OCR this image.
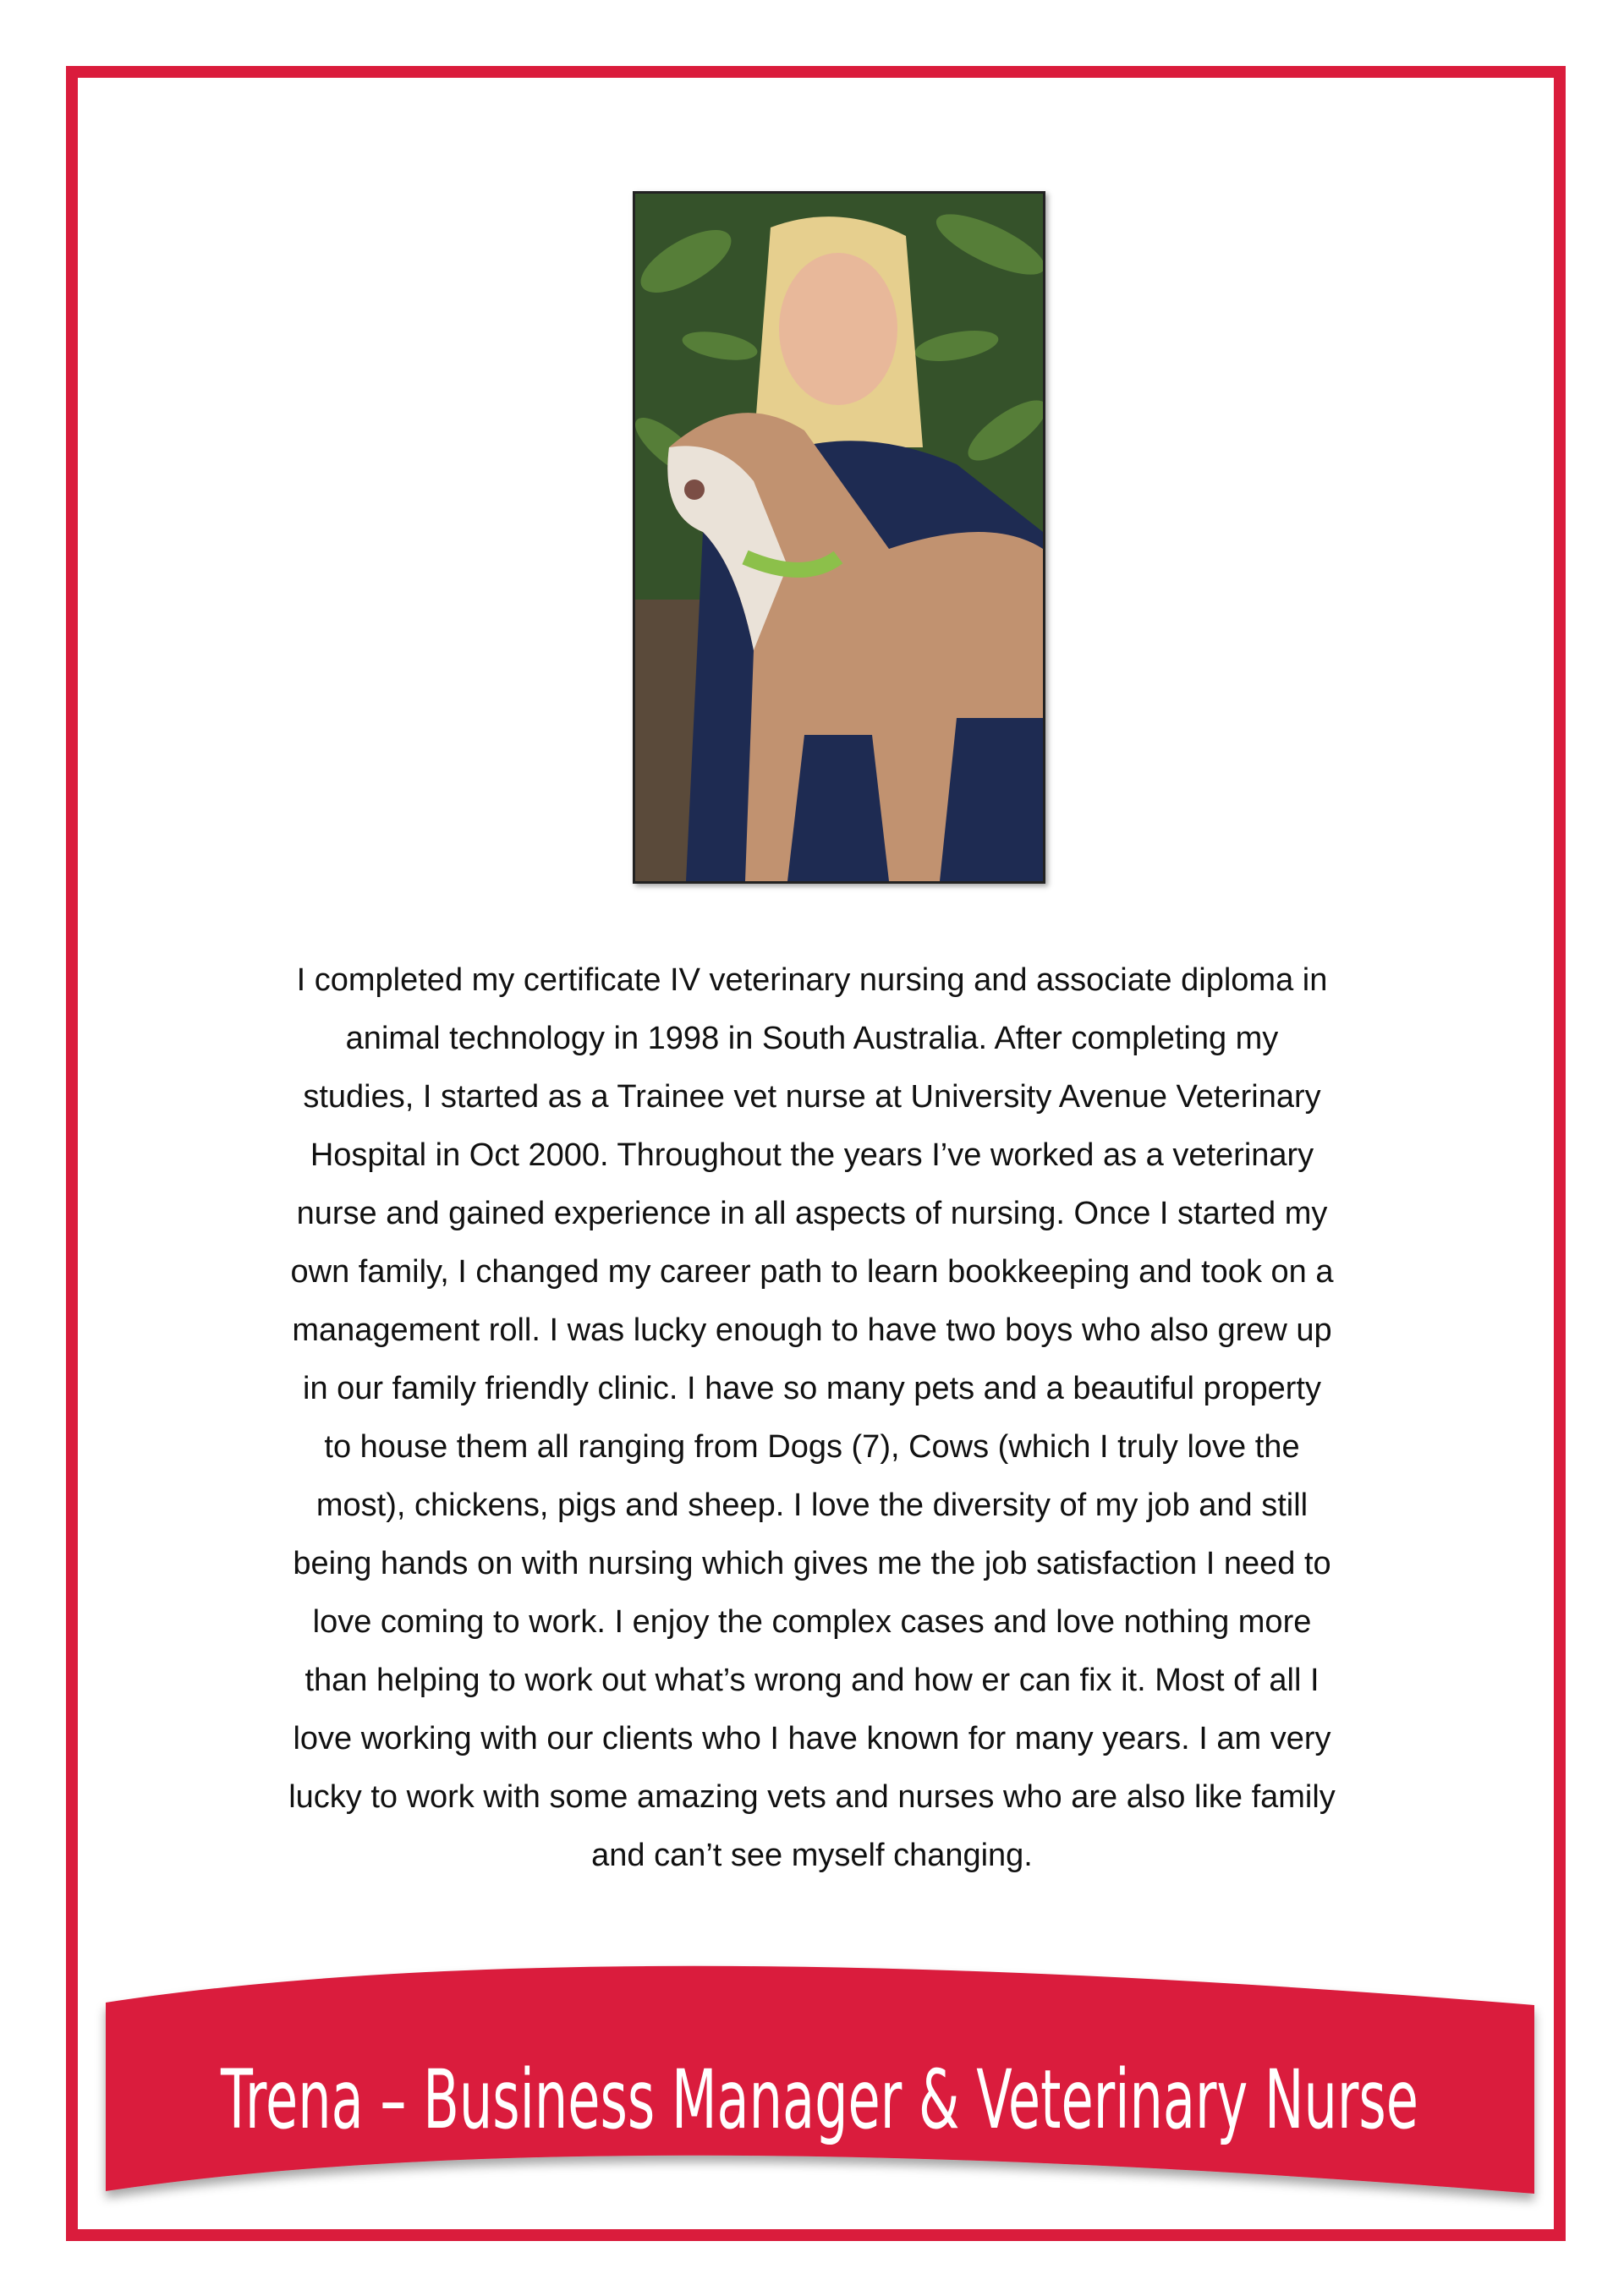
I completed my certificate IV veterinary nursing and associate diploma in
animal technology in 1998 in South Australia. After completing my
studies, I started as a Trainee vet nurse at University Avenue Veterinary
Hospital in Oct 2000. Throughout the years I’ve worked as a veterinary
nurse and gained experience in all aspects of nursing. Once I started my
own family, I changed my career path to learn bookkeeping and took on a
management roll. I was lucky enough to have two boys who also grew up
in our family friendly clinic. I have so many pets and a beautiful property
to house them all ranging from Dogs (7), Cows (which I truly love the
most), chickens, pigs and sheep. I love the diversity of my job and still
being hands on with nursing which gives me the job satisfaction I need to
love coming to work. I enjoy the complex cases and love nothing more
than helping to work out what’s wrong and how er can fix it. Most of all I
love working with our clients who I have known for many years. I am very
lucky to work with some amazing vets and nurses who are also like family
and can’t see myself changing.
Trena – Business Manager & Veterinary Nurse
